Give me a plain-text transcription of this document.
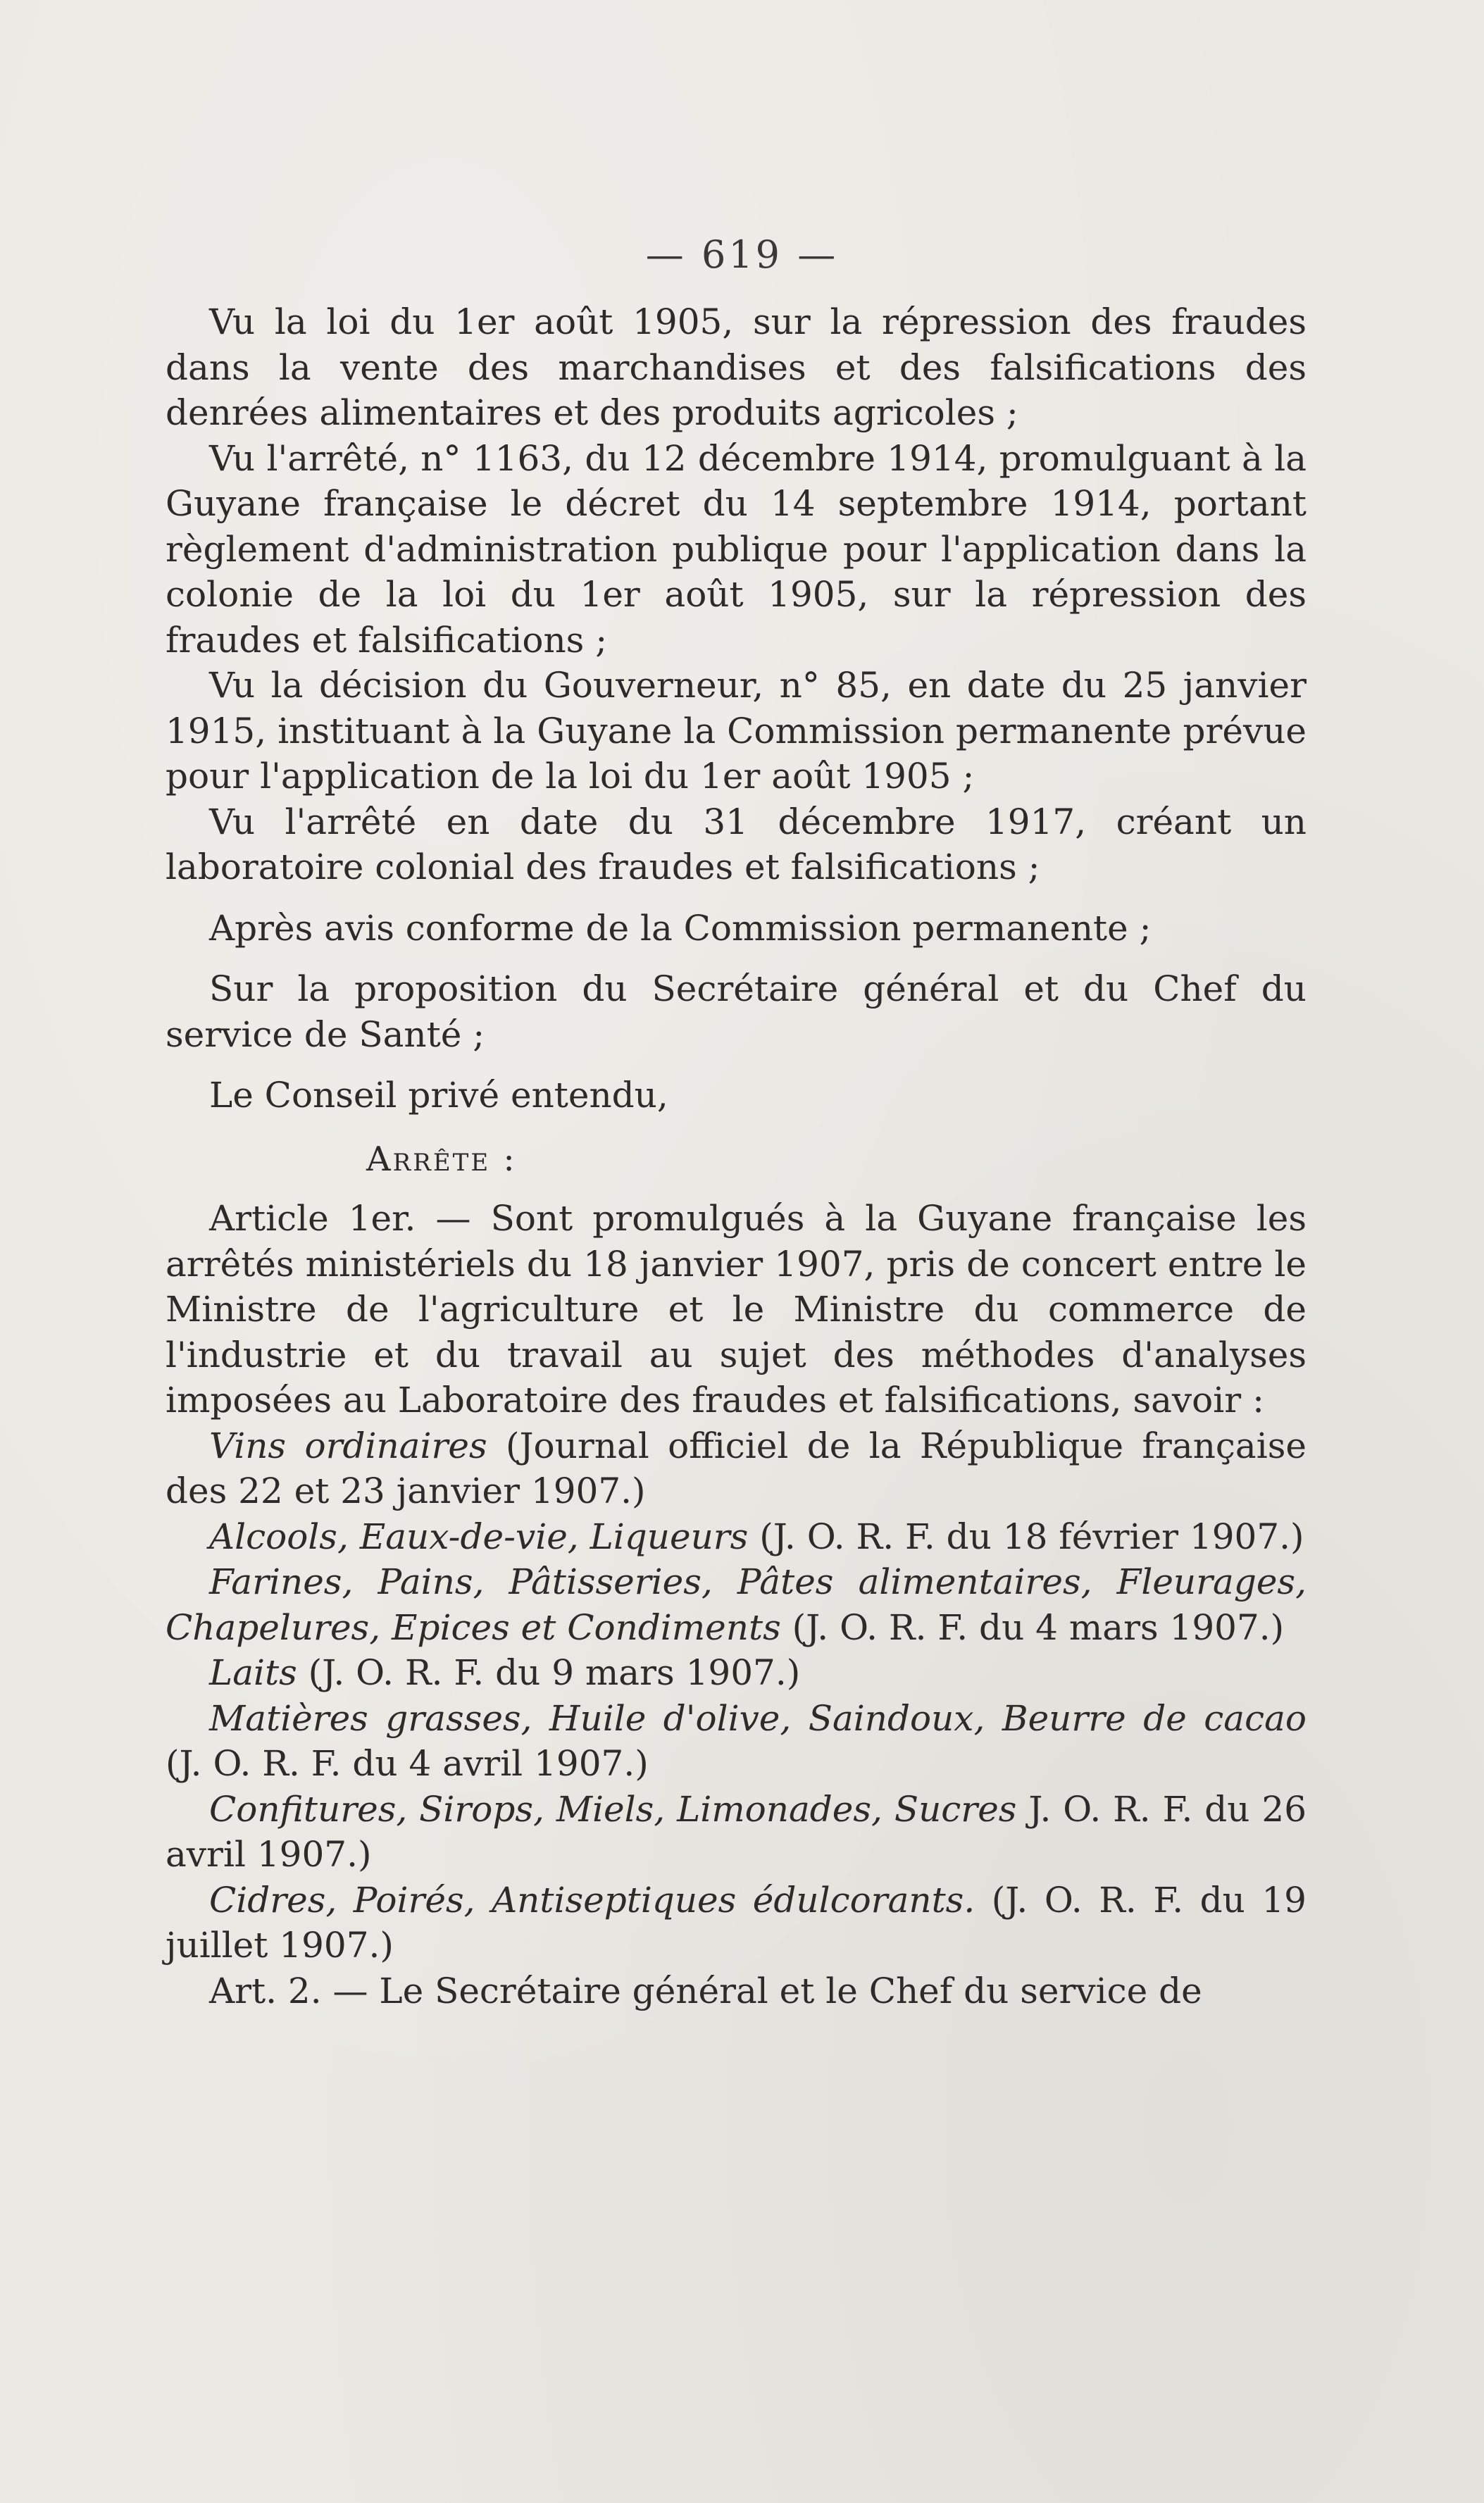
— 619 —

Vu la loi du 1er août 1905, sur la répression des fraudes dans la vente des marchandises et des falsifications des denrées alimentaires et des produits agricoles ;

Vu l'arrêté, n° 1163, du 12 décembre 1914, promulguant à la Guyane française le décret du 14 septembre 1914, portant règlement d'administration publique pour l'application dans la colonie de la loi du 1er août 1905, sur la répression des fraudes et falsifications ;

Vu la décision du Gouverneur, n° 85, en date du 25 janvier 1915, instituant à la Guyane la Commission permanente prévue pour l'application de la loi du 1er août 1905 ;

Vu l'arrêté en date du 31 décembre 1917, créant un laboratoire colonial des fraudes et falsifications ;

Après avis conforme de la Commission permanente ;

Sur la proposition du Secrétaire général et du Chef du service de Santé ;

Le Conseil privé entendu,

Arrête :

Article 1er. — Sont promulgués à la Guyane française les arrêtés ministériels du 18 janvier 1907, pris de concert entre le Ministre de l'agriculture et le Ministre du commerce de l'industrie et du travail au sujet des méthodes d'analyses imposées au Laboratoire des fraudes et falsifications, savoir :

Vins ordinaires (Journal officiel de la République française des 22 et 23 janvier 1907.)

Alcools, Eaux-de-vie, Liqueurs (J. O. R. F. du 18 février 1907.)

Farines, Pains, Pâtisseries, Pâtes alimentaires, Fleurages, Chapelures, Epices et Condiments (J. O. R. F. du 4 mars 1907.)

Laits (J. O. R. F. du 9 mars 1907.)

Matières grasses, Huile d'olive, Saindoux, Beurre de cacao (J. O. R. F. du 4 avril 1907.)

Confitures, Sirops, Miels, Limonades, Sucres J. O. R. F. du 26 avril 1907.)

Cidres, Poirés, Antiseptiques édulcorants. (J. O. R. F. du 19 juillet 1907.)

Art. 2. — Le Secrétaire général et le Chef du service de
